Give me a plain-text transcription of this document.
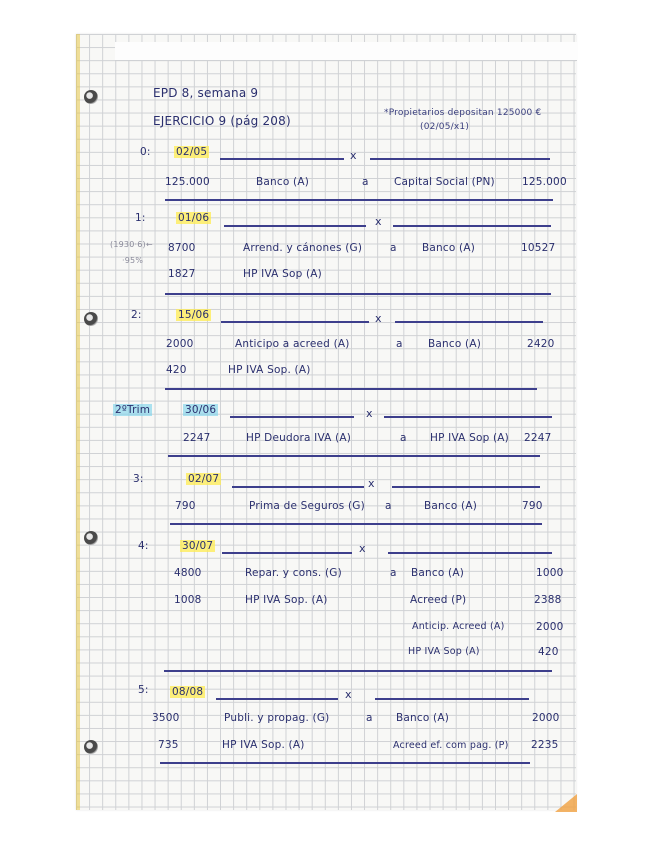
EPD 8, semana 9
EJERCICIO 9 (pág 208)
*Propietarios depositan 125000 €
(02/05/x1)
0: 02/05	x
125.000	Banco (A)	a Capital Social (PN)	125.000
1:	01/06	x
(1930·6)←
·95%
8700	Arrend. y cánones (G)	a Banco (A)	10527
1827	HP IVA Sop (A)
2:	15/06	x
2000	Anticipo a acreed (A)	a Banco (A)	2420
420	HP IVA Sop. (A)
2ºTrim	30/06	x
2247	HP Deudora IVA (A)	a HP IVA Sop (A) 2247
3:	02/07	x
790	Prima de Seguros (G) a	Banco (A)	790
4:	30/07	x
4800	Repar. y cons. (G)	a Banco (A)	1000
1008	HP IVA Sop. (A)	Acreed (P)	2388
Anticip. Acreed (A)	2000
HP IVA Sop (A)	420
5: 08/08	x
3500	Publi. y propag. (G)	a Banco (A)	2000
735	HP IVA Sop. (A)	Acreed ef. com pag. (P) 2235
